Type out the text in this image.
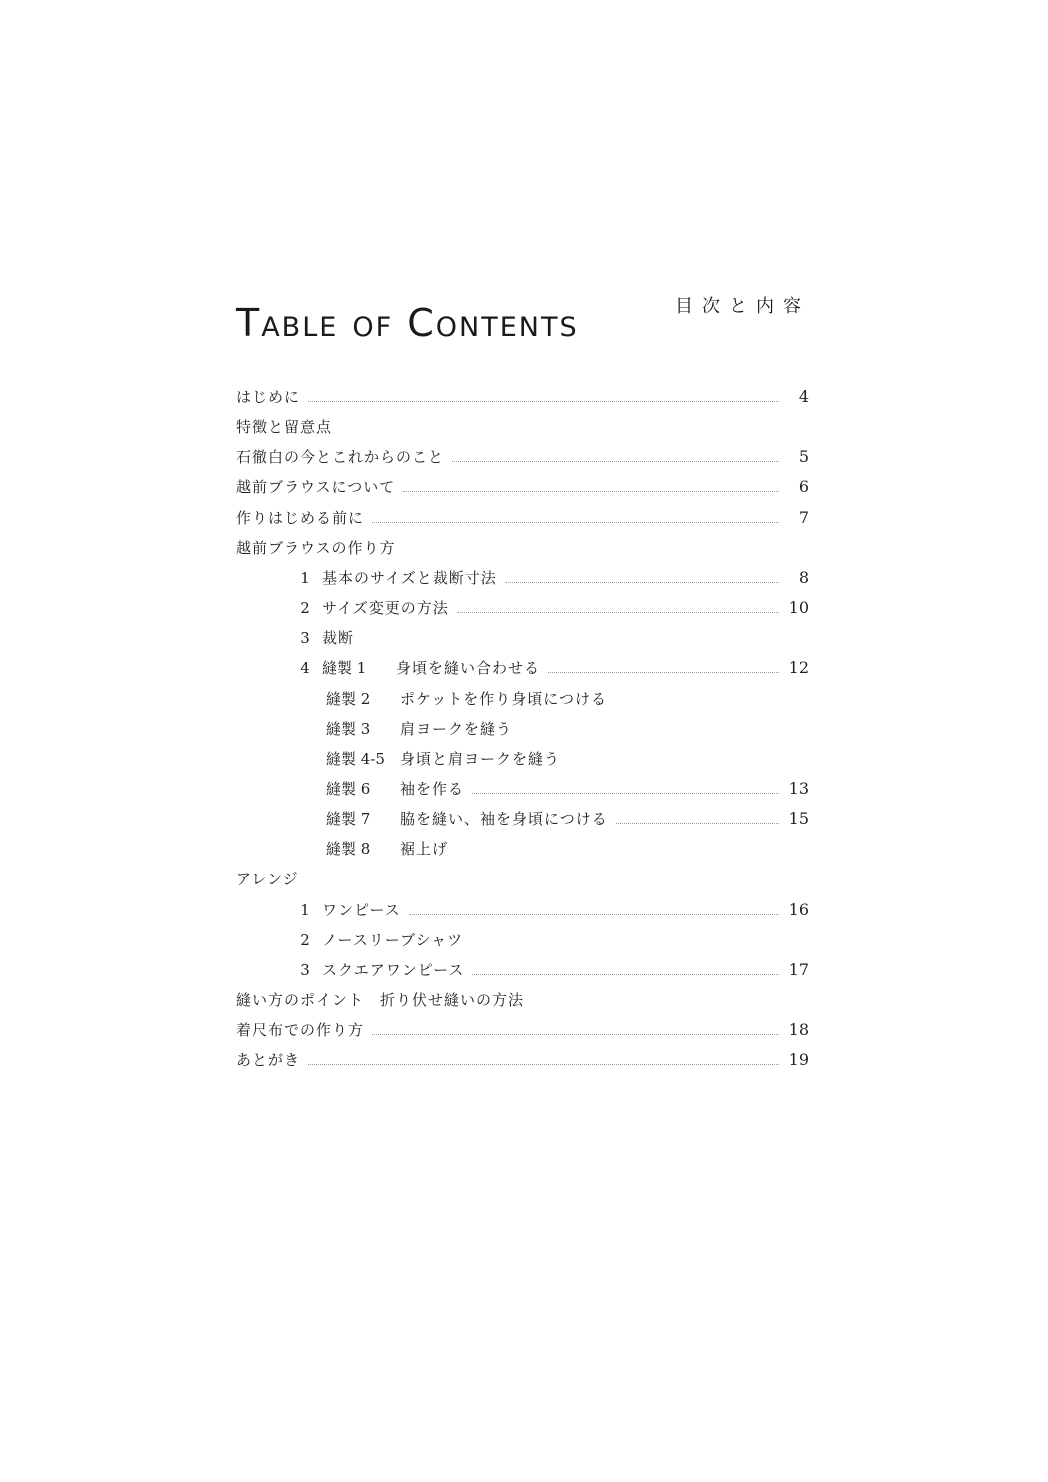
Table of Contents	目次と内容
はじめに	4
特徴と留意点
石徹白の今とこれからのこと	5
越前ブラウスについて	6
作りはじめる前に	7
越前ブラウスの作り方
1 基本のサイズと裁断寸法	8
2 サイズ変更の方法	10
3 裁断
4 縫製 1	身頃を縫い合わせる	12
縫製 2	ポケットを作り身頃につける
縫製 3	肩ヨークを縫う
縫製 4-5	身頃と肩ヨークを縫う
縫製 6	袖を作る	13
縫製 7	脇を縫い、袖を身頃につける	15
縫製 8	裾上げ
アレンジ
1 ワンピース	16
2 ノースリーブシャツ
3 スクエアワンピース	17
縫い方のポイント　折り伏せ縫いの方法
着尺布での作り方	18
あとがき	19
